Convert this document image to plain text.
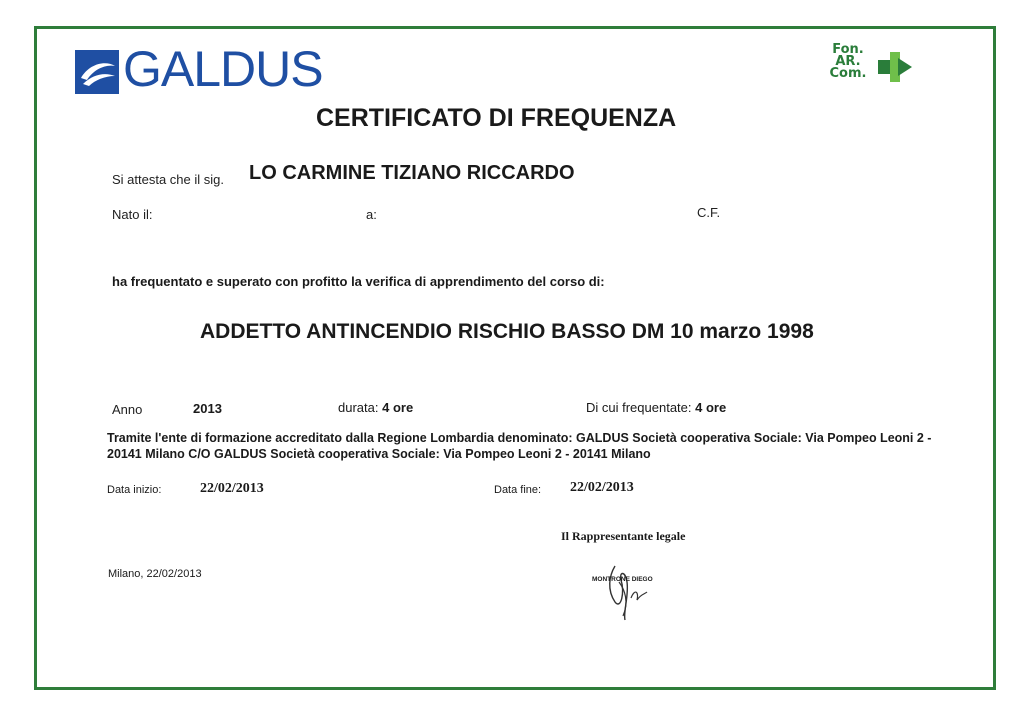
GALDUS	Fon.
AR.
Com.
CERTIFICATO DI FREQUENZA
Si attesta che il sig. LO CARMINE TIZIANO RICCARDO
Nato il:	a:	C.F.
ha frequentato e superato con profitto la verifica di apprendimento del corso di:
ADDETTO ANTINCENDIO RISCHIO BASSO DM 10 marzo 1998
Anno	2013	durata: 4 ore	Di cui frequentate: 4 ore
Tramite l'ente di formazione accreditato dalla Regione Lombardia denominato: GALDUS Società cooperativa Sociale: Via Pompeo Leoni 2 - 20141 Milano C/O GALDUS Società cooperativa Sociale: Via Pompeo Leoni 2 - 20141 Milano
Data inizio:	22/02/2013	Data fine: 22/02/2013
Il Rappresentante legale
MONTRONE DIEGO
Milano, 22/02/2013
